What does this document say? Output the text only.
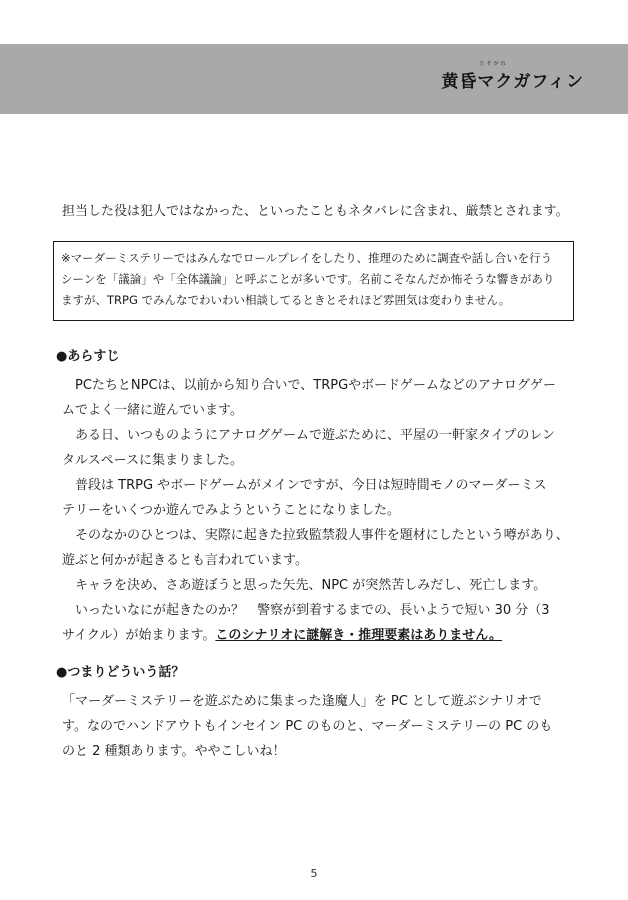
たそがれ
黄昏マクガフィン
担当した役は犯人ではなかった、といったこともネタバレに含まれ、厳禁とされます。
※マーダーミステリーではみんなでロールプレイをしたり、推理のために調査や話し合いを行う
シーンを「議論」や「全体議論」と呼ぶことが多いです。名前こそなんだか怖そうな響きがあり
ますが、TRPG でみんなでわいわい相談してるときとそれほど雰囲気は変わりません。
●あらすじ
　PCたちとNPCは、以前から知り合いで、TRPGやボードゲームなどのアナログゲー
ムでよく一緒に遊んでいます。
　ある日、いつものようにアナログゲームで遊ぶために、平屋の一軒家タイプのレン
タルスペースに集まりました。
　普段は TRPG やボードゲームがメインですが、今日は短時間モノのマーダーミス
テリーをいくつか遊んでみようということになりました。
　そのなかのひとつは、実際に起きた拉致監禁殺人事件を題材にしたという噂があり、
遊ぶと何かが起きるとも言われています。
　キャラを決め、さあ遊ぼうと思った矢先、NPC が突然苦しみだし、死亡します。
　いったいなにが起きたのか？　警察が到着するまでの、長いようで短い 30 分（3
サイクル）が始まります。このシナリオに謎解き・推理要素はありません。
●つまりどういう話？
「マーダーミステリーを遊ぶために集まった逢魔人」を PC として遊ぶシナリオで
す。なのでハンドアウトもインセイン PC のものと、マーダーミステリーの PC のも
のと 2 種類あります。ややこしいね！
5
